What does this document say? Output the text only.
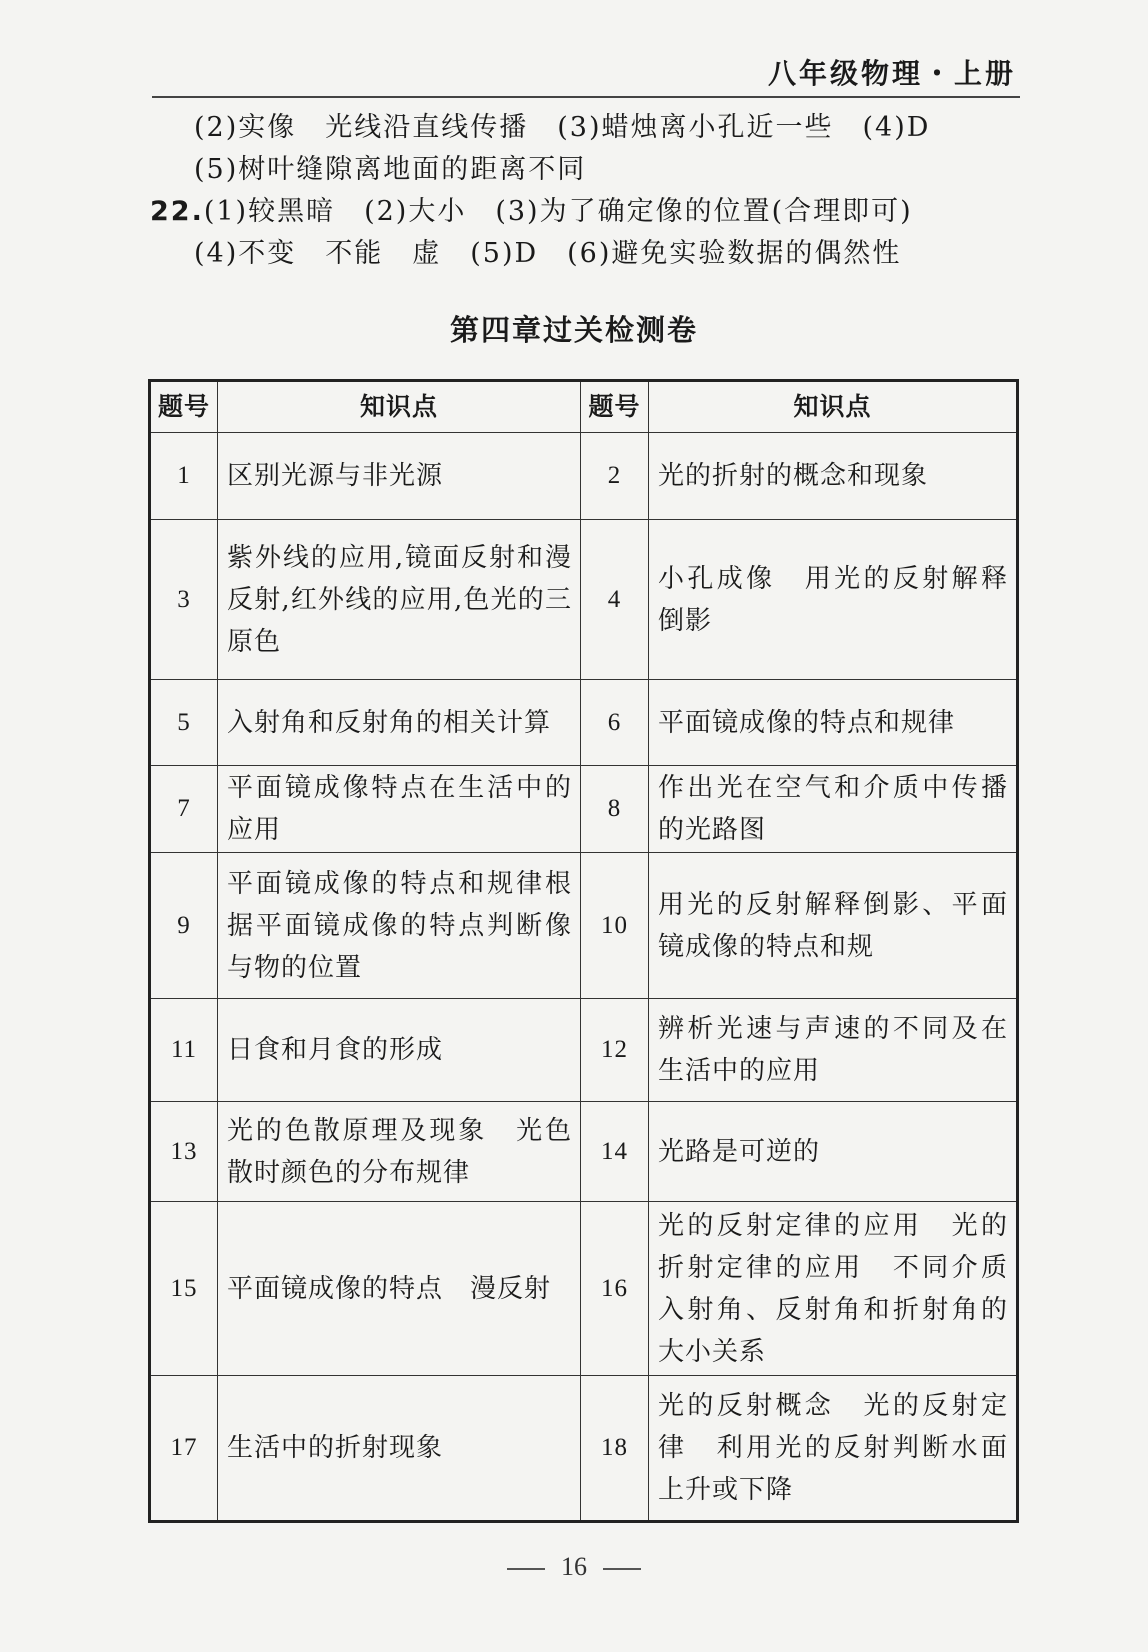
八年级物理・上册
(2)实像　光线沿直线传播　(3)蜡烛离小孔近一些　(4)D
(5)树叶缝隙离地面的距离不同
22.(1)较黑暗　(2)大小　(3)为了确定像的位置(合理即可)
(4)不变　不能　虚　(5)D　(6)避免实验数据的偶然性
第四章过关检测卷
题号	知识点	题号	知识点
1	区别光源与非光源	2	光的折射的概念和现象
3	紫外线的应用,镜面反射和漫反射,红外线的应用,色光的三原色	4	小孔成像　用光的反射解释倒影
5	入射角和反射角的相关计算	6	平面镜成像的特点和规律
7	平面镜成像特点在生活中的应用	8	作出光在空气和介质中传播的光路图
9	平面镜成像的特点和规律根据平面镜成像的特点判断像与物的位置	10	用光的反射解释倒影、平面镜成像的特点和规
11	日食和月食的形成	12	辨析光速与声速的不同及在生活中的应用
13	光的色散原理及现象　光色散时颜色的分布规律	14	光路是可逆的
15	平面镜成像的特点　漫反射	16	光的反射定律的应用　光的折射定律的应用　不同介质入射角、反射角和折射角的大小关系
17	生活中的折射现象	18	光的反射概念　光的反射定律　利用光的反射判断水面上升或下降
16
